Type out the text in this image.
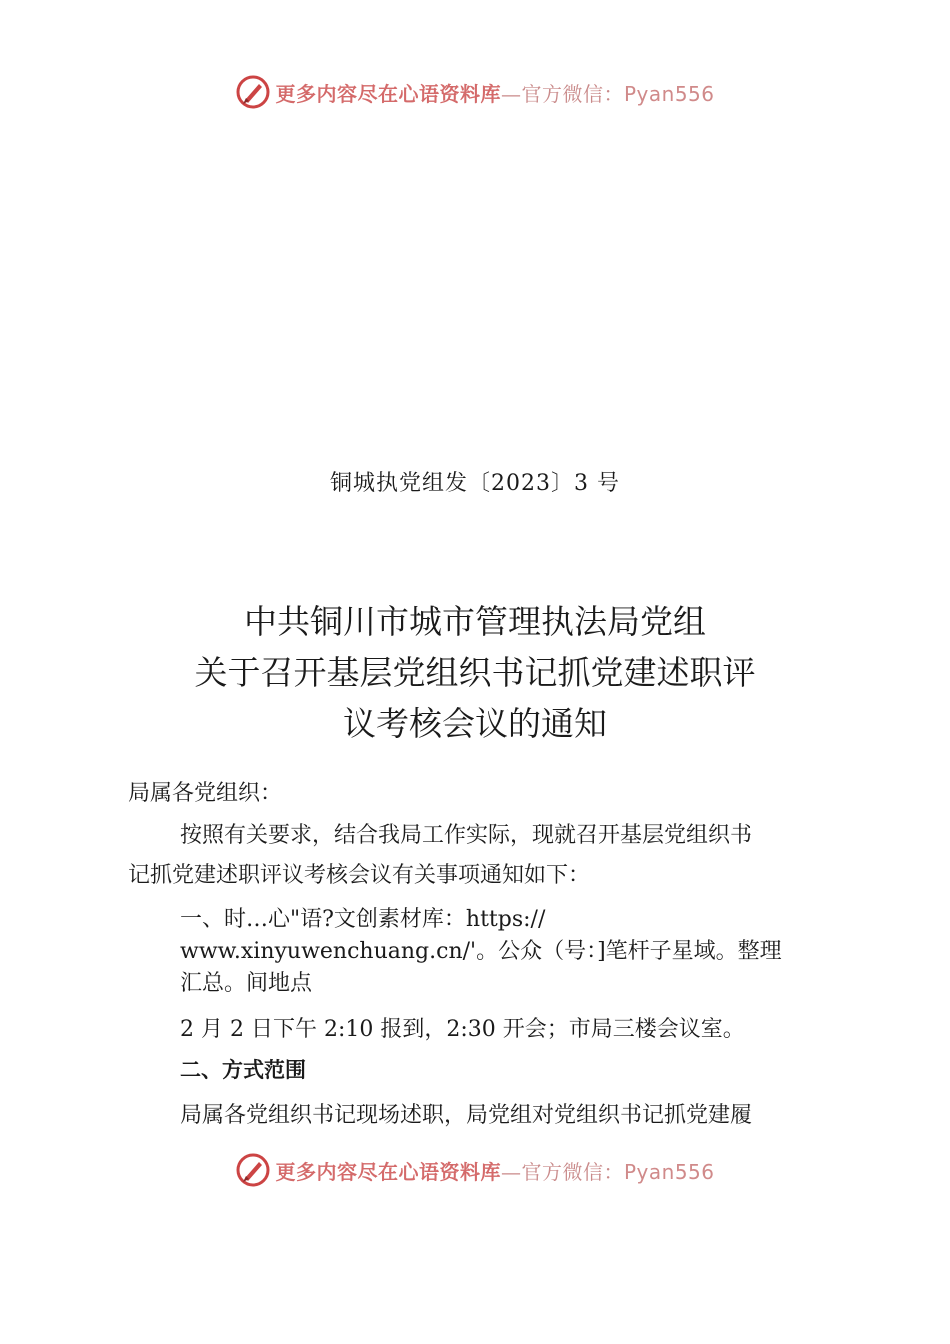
更多内容尽在心语资料库—官方微信：Pyan556
铜城执党组发〔2023〕3 号
中共铜川市城市管理执法局党组
关于召开基层党组织书记抓党建述职评
议考核会议的通知
局属各党组织：
按照有关要求，结合我局工作实际，现就召开基层党组织书
记抓党建述职评议考核会议有关事项通知如下：
一、时…心"语?文创素材库：https://
www.xinyuwenchuang.cn/'。公众（号：]笔杆子星域。整理
汇总。间地点
2 月 2 日下午 2:10 报到，2:30 开会；市局三楼会议室。
二、方式范围
局属各党组织书记现场述职，局党组对党组织书记抓党建履
更多内容尽在心语资料库—官方微信：Pyan556
